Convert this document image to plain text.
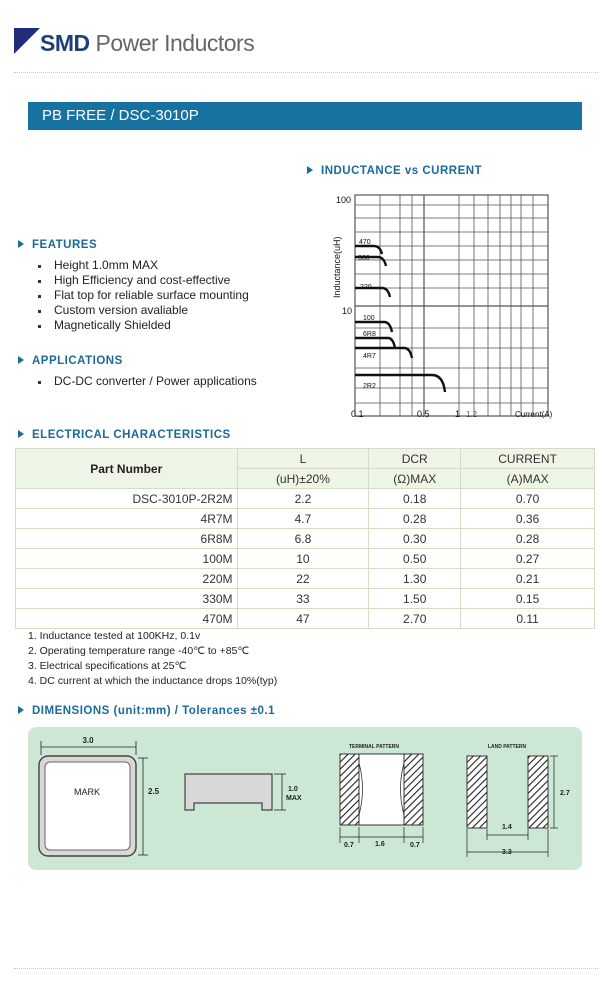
SMD Power Inductors
PB FREE / DSC-3010P
INDUCTANCE vs CURRENT
470
330
220
100
6R8
4R7
2R2
100
10
0.1	0.5	1 1.2	Current(A)
Inductance(uH)
FEATURES
Height 1.0mm MAX
High Efficiency and cost-effective
Flat top for reliable surface mounting
Custom version avaliable
Magnetically Shielded
APPLICATIONS
DC-DC converter / Power applications
ELECTRICAL CHARACTERISTICS
Part Number	L	DCR	CURRENT
	(uH)±20%	(Ω)MAX	(A)MAX
DSC-3010P-2R2M	2.2	0.18	0.70
4R7M	4.7	0.28	0.36
6R8M	6.8	0.30	0.28
100M	10	0.50	0.27
220M	22	1.30	0.21
330M	33	1.50	0.15
470M	47	2.70	0.11
1. Inductance tested at 100KHz, 0.1v
2. Operating temperature range -40℃ to +85℃
3. Electrical specifications at 25℃
4. DC current at which the inductance drops 10%(typ)
DIMENSIONS (unit:mm) / Tolerances ±0.1
3.0
2.5
MARK	1.0
MAX
TERMINAL PATTERN
0.7	1.6	0.7
LAND PATTERN
2.7
1.4
3.3
